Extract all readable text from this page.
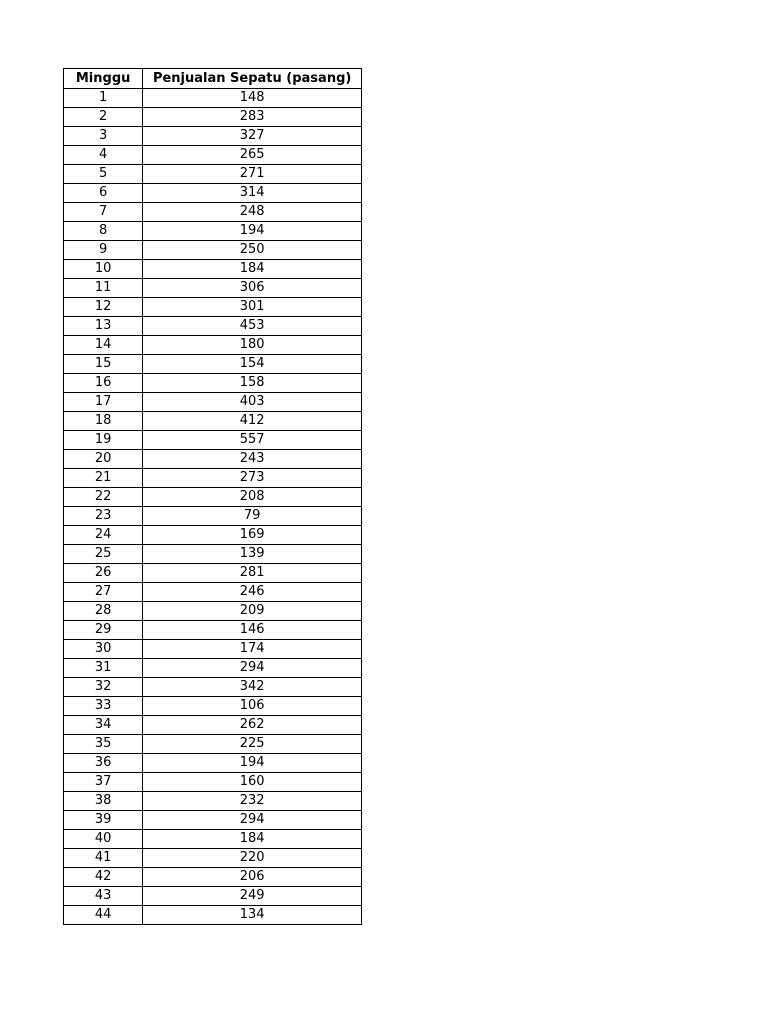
Minggu	Penjualan Sepatu (pasang)
1	148
2	283
3	327
4	265
5	271
6	314
7	248
8	194
9	250
10	184
11	306
12	301
13	453
14	180
15	154
16	158
17	403
18	412
19	557
20	243
21	273
22	208
23	79
24	169
25	139
26	281
27	246
28	209
29	146
30	174
31	294
32	342
33	106
34	262
35	225
36	194
37	160
38	232
39	294
40	184
41	220
42	206
43	249
44	134
